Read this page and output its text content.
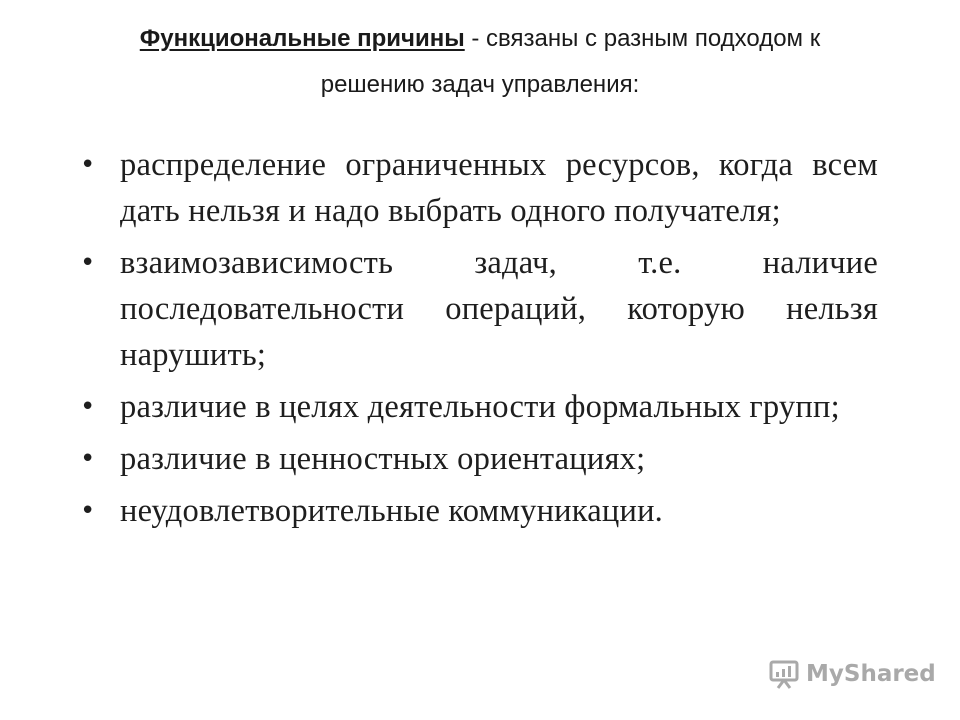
Функциональные причины - связаны с разным подходом к
решению задач управления:
• распределение ограниченных ресурсов, когда всем дать нельзя и надо выбрать одного получателя;
• взаимозависимость задач, т.е. наличие последовательности операций, которую нельзя нарушить;
• различие в целях деятельности формальных групп;
• различие в ценностных ориентациях;
• неудовлетворительные коммуникации.
MyShared
